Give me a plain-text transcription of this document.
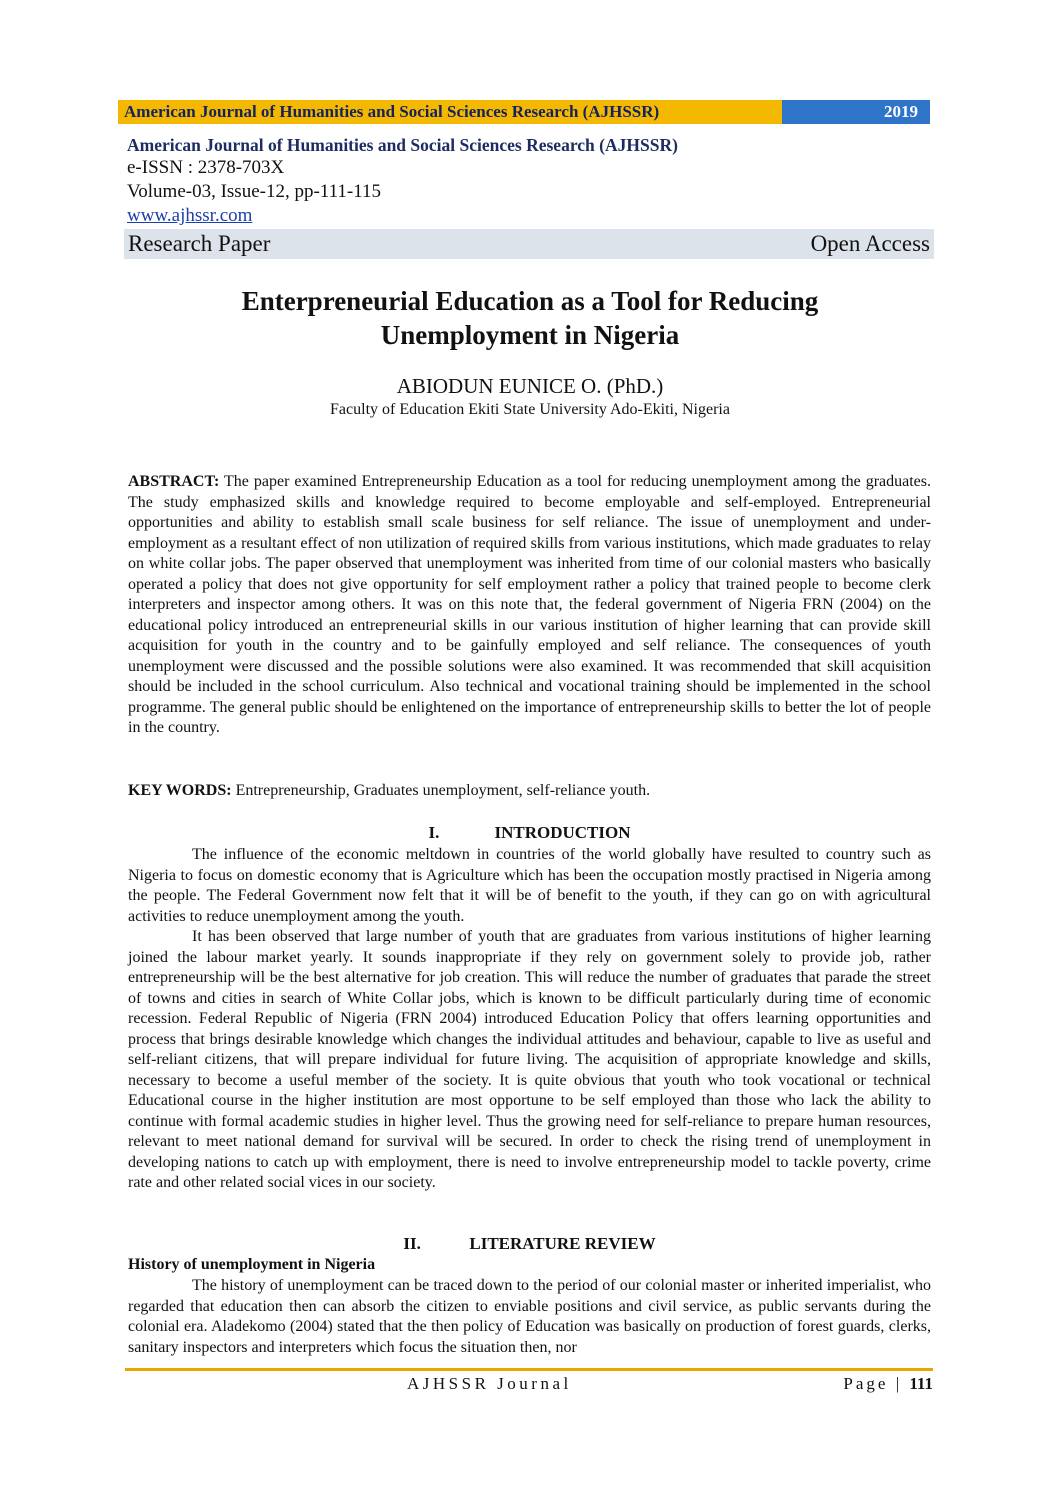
American Journal of Humanities and Social Sciences Research (AJHSSR)	2019
American Journal of Humanities and Social Sciences Research (AJHSSR)
e-ISSN : 2378-703X
Volume-03, Issue-12, pp-111-115
www.ajhssr.com
Research Paper	Open Access
Enterpreneurial Education as a Tool for Reducing
Unemployment in Nigeria
ABIODUN EUNICE O. (PhD.)
Faculty of Education Ekiti State University Ado-Ekiti, Nigeria
ABSTRACT: The paper examined Entrepreneurship Education as a tool for reducing unemployment among the graduates. The study emphasized skills and knowledge required to become employable and self-employed. Entrepreneurial opportunities and ability to establish small scale business for self reliance. The issue of unemployment and under-employment as a resultant effect of non utilization of required skills from various institutions, which made graduates to relay on white collar jobs. The paper observed that unemployment was inherited from time of our colonial masters who basically operated a policy that does not give opportunity for self employment rather a policy that trained people to become clerk interpreters and inspector among others. It was on this note that, the federal government of Nigeria FRN (2004) on the educational policy introduced an entrepreneurial skills in our various institution of higher learning that can provide skill acquisition for youth in the country and to be gainfully employed and self reliance. The consequences of youth unemployment were discussed and the possible solutions were also examined. It was recommended that skill acquisition should be included in the school curriculum. Also technical and vocational training should be implemented in the school programme. The general public should be enlightened on the importance of entrepreneurship skills to better the lot of people in the country.
KEY WORDS: Entrepreneurship, Graduates unemployment, self-reliance youth.
I.	INTRODUCTION

The influence of the economic meltdown in countries of the world globally have resulted to country such as Nigeria to focus on domestic economy that is Agriculture which has been the occupation mostly practised in Nigeria among the people. The Federal Government now felt that it will be of benefit to the youth, if they can go on with agricultural activities to reduce unemployment among the youth.

It has been observed that large number of youth that are graduates from various institutions of higher learning joined the labour market yearly. It sounds inappropriate if they rely on government solely to provide job, rather entrepreneurship will be the best alternative for job creation. This will reduce the number of graduates that parade the street of towns and cities in search of White Collar jobs, which is known to be difficult particularly during time of economic recession. Federal Republic of Nigeria (FRN 2004) introduced Education Policy that offers learning opportunities and process that brings desirable knowledge which changes the individual attitudes and behaviour, capable to live as useful and self-reliant citizens, that will prepare individual for future living. The acquisition of appropriate knowledge and skills, necessary to become a useful member of the society. It is quite obvious that youth who took vocational or technical Educational course in the higher institution are most opportune to be self employed than those who lack the ability to continue with formal academic studies in higher level. Thus the growing need for self-reliance to prepare human resources, relevant to meet national demand for survival will be secured. In order to check the rising trend of unemployment in developing nations to catch up with employment, there is need to involve entrepreneurship model to tackle poverty, crime rate and other related social vices in our society.

II.	LITERATURE REVIEW
History of unemployment in Nigeria

The history of unemployment can be traced down to the period of our colonial master or inherited imperialist, who regarded that education then can absorb the citizen to enviable positions and civil service, as public servants during the colonial era. Aladekomo (2004) stated that the then policy of Education was basically on production of forest guards, clerks, sanitary inspectors and interpreters which focus the situation then, nor

AJHSSR Journal	Page | 111
